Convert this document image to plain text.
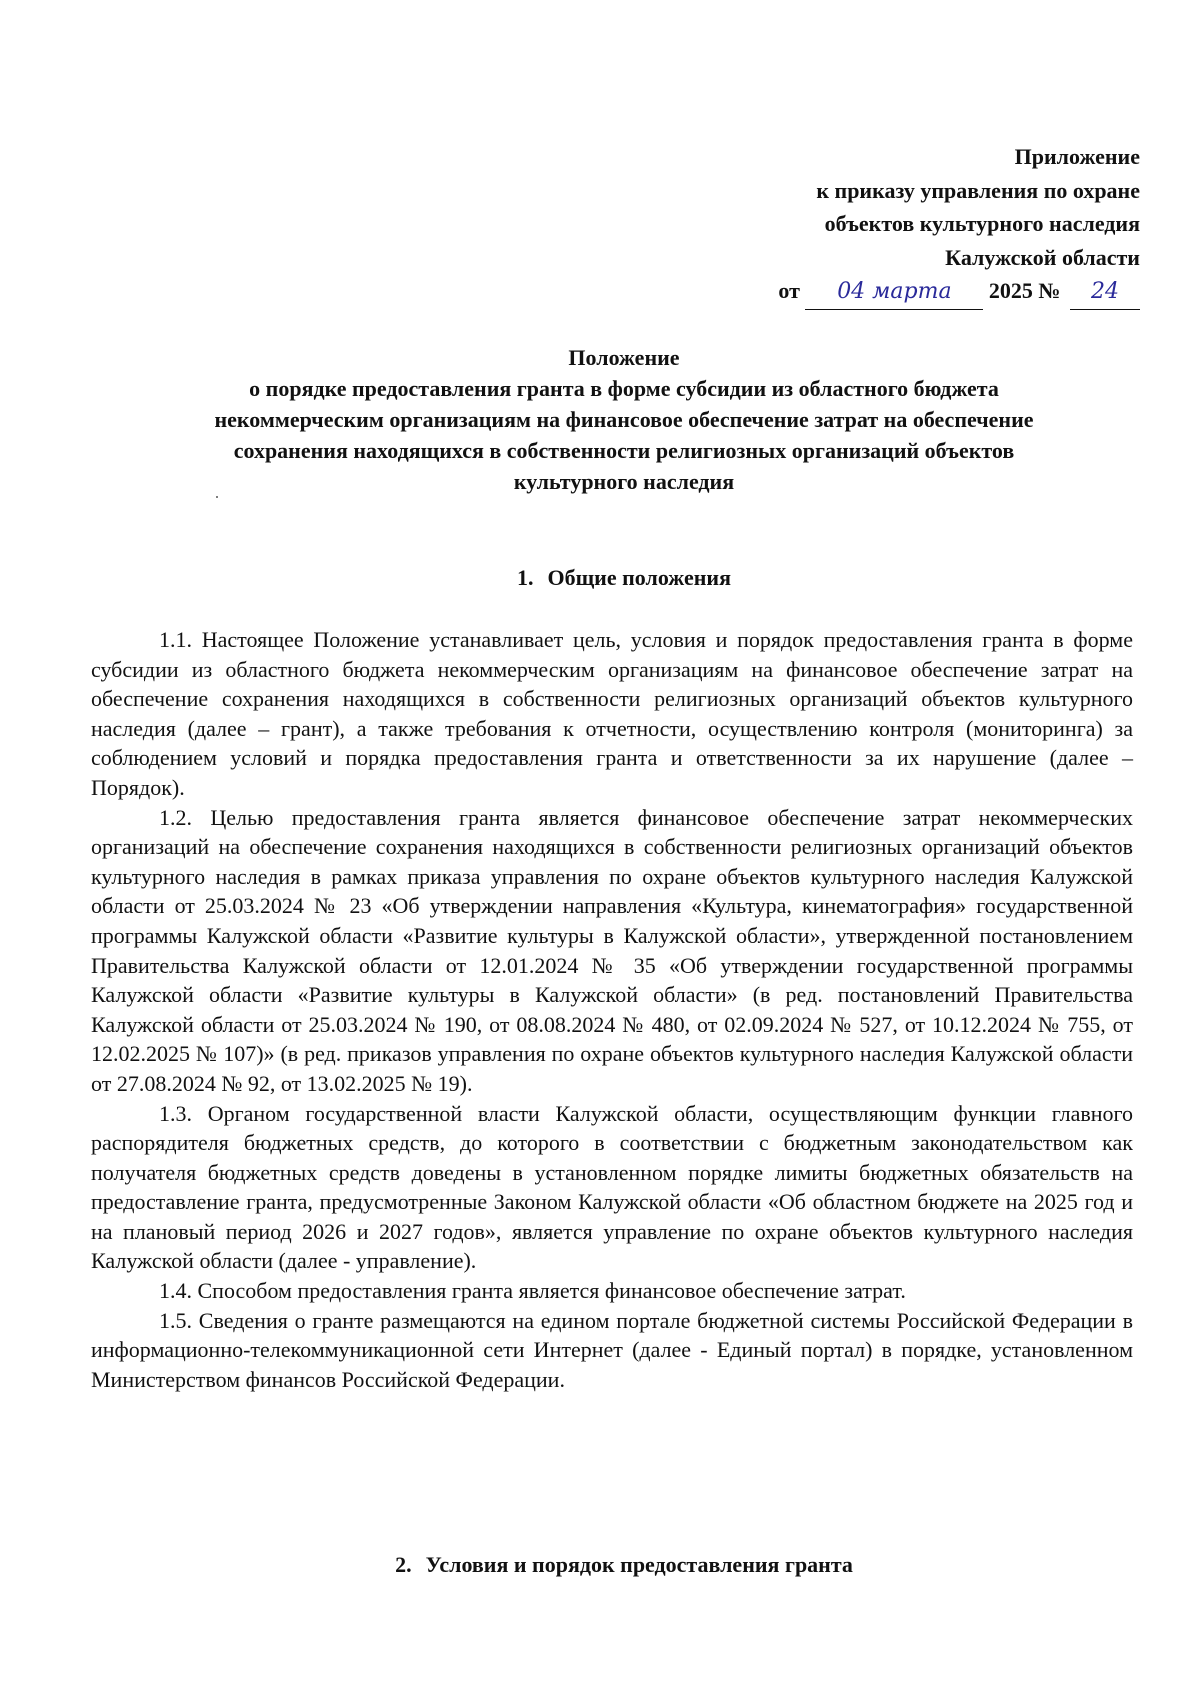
Приложение
к приказу управления по охране
объектов культурного наследия
Калужской области
от 04 марта 2025 № 24
Положение
о порядке предоставления гранта в форме субсидии из областного бюджета
некоммерческим организациям на финансовое обеспечение затрат на обеспечение
сохранения находящихся в собственности религиозных организаций объектов
культурного наследия
1. Общие положения

1.1. Настоящее Положение устанавливает цель, условия и порядок предоставления гранта в форме субсидии из областного бюджета некоммерческим организациям на финансовое обеспечение затрат на обеспечение сохранения находящихся в собственности религиозных организаций объектов культурного наследия (далее – грант), а также требования к отчетности, осуществлению контроля (мониторинга) за соблюдением условий и порядка предоставления гранта и ответственности за их нарушение (далее – Порядок).

1.2. Целью предоставления гранта является финансовое обеспечение затрат некоммерческих организаций на обеспечение сохранения находящихся в собственности религиозных организаций объектов культурного наследия в рамках приказа управления по охране объектов культурного наследия Калужской области от 25.03.2024 № 23 «Об утверждении направления «Культура, кинематография» государственной программы Калужской области «Развитие культуры в Калужской области», утвержденной постановлением Правительства Калужской области от 12.01.2024 № 35 «Об утверждении государственной программы Калужской области «Развитие культуры в Калужской области» (в ред. постановлений Правительства Калужской области от 25.03.2024 № 190, от 08.08.2024 № 480, от 02.09.2024 № 527, от 10.12.2024 № 755, от 12.02.2025 № 107)» (в ред. приказов управления по охране объектов культурного наследия Калужской области от 27.08.2024 № 92, от 13.02.2025 № 19).

1.3. Органом государственной власти Калужской области, осуществляющим функции главного распорядителя бюджетных средств, до которого в соответствии с бюджетным законодательством как получателя бюджетных средств доведены в установленном порядке лимиты бюджетных обязательств на предоставление гранта, предусмотренные Законом Калужской области «Об областном бюджете на 2025 год и на плановый период 2026 и 2027 годов», является управление по охране объектов культурного наследия Калужской области (далее - управление).

1.4. Способом предоставления гранта является финансовое обеспечение затрат.

1.5. Сведения о гранте размещаются на едином портале бюджетной системы Российской Федерации в информационно-телекоммуникационной сети Интернет (далее - Единый портал) в порядке, установленном Министерством финансов Российской Федерации.

2. Условия и порядок предоставления гранта
